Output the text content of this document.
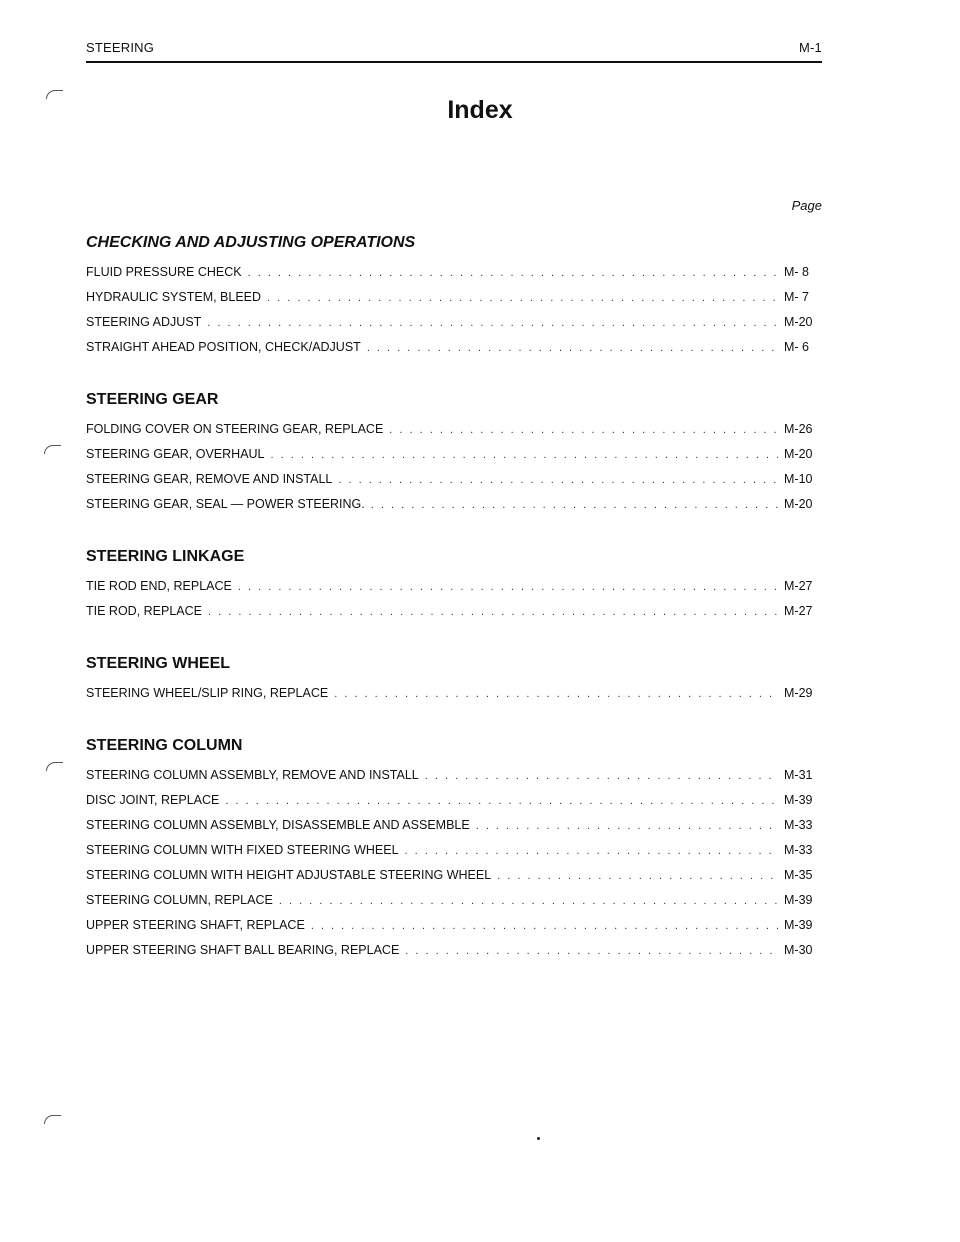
STEERING	M-1
Index
Page
CHECKING AND ADJUSTING OPERATIONS
FLUID PRESSURE CHECK . . .	M- 8
HYDRAULIC SYSTEM, BLEED . . .	M- 7
STEERING ADJUST . . .	M-20
STRAIGHT AHEAD POSITION, CHECK/ADJUST . . .	M- 6
STEERING GEAR
FOLDING COVER ON STEERING GEAR, REPLACE . . .	M-26
STEERING GEAR, OVERHAUL . . .	M-20
STEERING GEAR, REMOVE AND INSTALL . . .	M-10
STEERING GEAR, SEAL — POWER STEERING. . . .	M-20
STEERING LINKAGE
TIE ROD END, REPLACE . . .	M-27
TIE ROD, REPLACE . . .	M-27
STEERING WHEEL
STEERING WHEEL/SLIP RING, REPLACE . . .	M-29
STEERING COLUMN
STEERING COLUMN ASSEMBLY, REMOVE AND INSTALL . . .	M-31
DISC JOINT, REPLACE . . .	M-39
STEERING COLUMN ASSEMBLY, DISASSEMBLE AND ASSEMBLE . . .	M-33
STEERING COLUMN WITH FIXED STEERING WHEEL . . .	M-33
STEERING COLUMN WITH HEIGHT ADJUSTABLE STEERING WHEEL . . .	M-35
STEERING COLUMN, REPLACE . . .	M-39
UPPER STEERING SHAFT, REPLACE . . .	M-39
UPPER STEERING SHAFT BALL BEARING, REPLACE . . .	M-30
